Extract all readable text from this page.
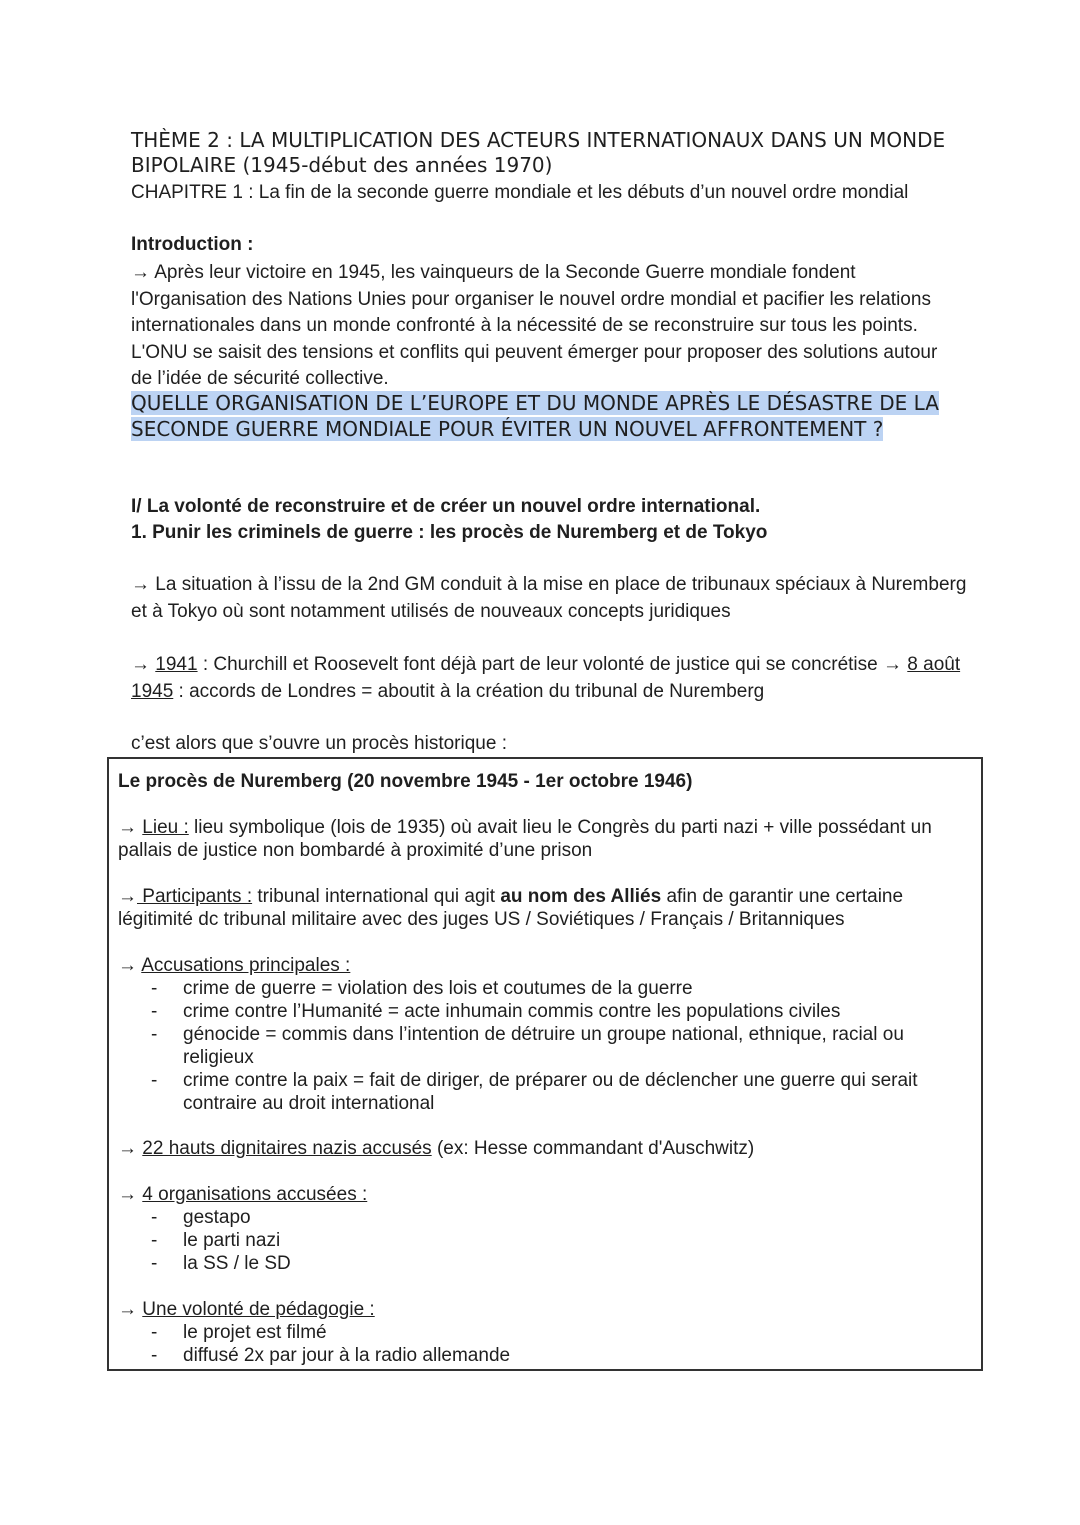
THÈME 2 : LA MULTIPLICATION DES ACTEURS INTERNATIONAUX DANS UN MONDE BIPOLAIRE (1945-début des années 1970)
CHAPITRE 1 : La fin de la seconde guerre mondiale et les débuts d’un nouvel ordre mondial
Introduction :
→ Après leur victoire en 1945, les vainqueurs de la Seconde Guerre mondiale fondent l'Organisation des Nations Unies pour organiser le nouvel ordre mondial et pacifier les relations internationales dans un monde confronté à la nécessité de se reconstruire sur tous les points. L'ONU se saisit des tensions et conflits qui peuvent émerger pour proposer des solutions autour de l’idée de sécurité collective.
QUELLE ORGANISATION DE L’EUROPE ET DU MONDE APRÈS LE DÉSASTRE DE LA SECONDE GUERRE MONDIALE POUR ÉVITER UN NOUVEL AFFRONTEMENT ?
I/ La volonté de reconstruire et de créer un nouvel ordre international.
1. Punir les criminels de guerre : les procès de Nuremberg et de Tokyo
→ La situation à l’issu de la 2nd GM conduit à la mise en place de tribunaux spéciaux à Nuremberg et à Tokyo où sont notamment utilisés de nouveaux concepts juridiques
→ 1941 : Churchill et Roosevelt font déjà part de leur volonté de justice qui se concrétise → 8 août 1945 : accords de Londres = aboutit à la création du tribunal de Nuremberg
c’est alors que s’ouvre un procès historique :
Le procès de Nuremberg (20 novembre 1945 - 1er octobre 1946)
→ Lieu : lieu symbolique (lois de 1935) où avait lieu le Congrès du parti nazi + ville possédant un pallais de justice non bombardé à proximité d’une prison
→ Participants : tribunal international qui agit au nom des Alliés afin de garantir une certaine légitimité dc tribunal militaire avec des juges US / Soviétiques / Français / Britanniques
→ Accusations principales :
- crime de guerre = violation des lois et coutumes de la guerre
- crime contre l’Humanité = acte inhumain commis contre les populations civiles
- génocide = commis dans l’intention de détruire un groupe national, ethnique, racial ou religieux
- crime contre la paix = fait de diriger, de préparer ou de déclencher une guerre qui serait contraire au droit international
→ 22 hauts dignitaires nazis accusés (ex: Hesse commandant d'Auschwitz)
→ 4 organisations accusées :
- gestapo
- le parti nazi
- la SS / le SD
→ Une volonté de pédagogie :
- le projet est filmé
- diffusé 2x par jour à la radio allemande
